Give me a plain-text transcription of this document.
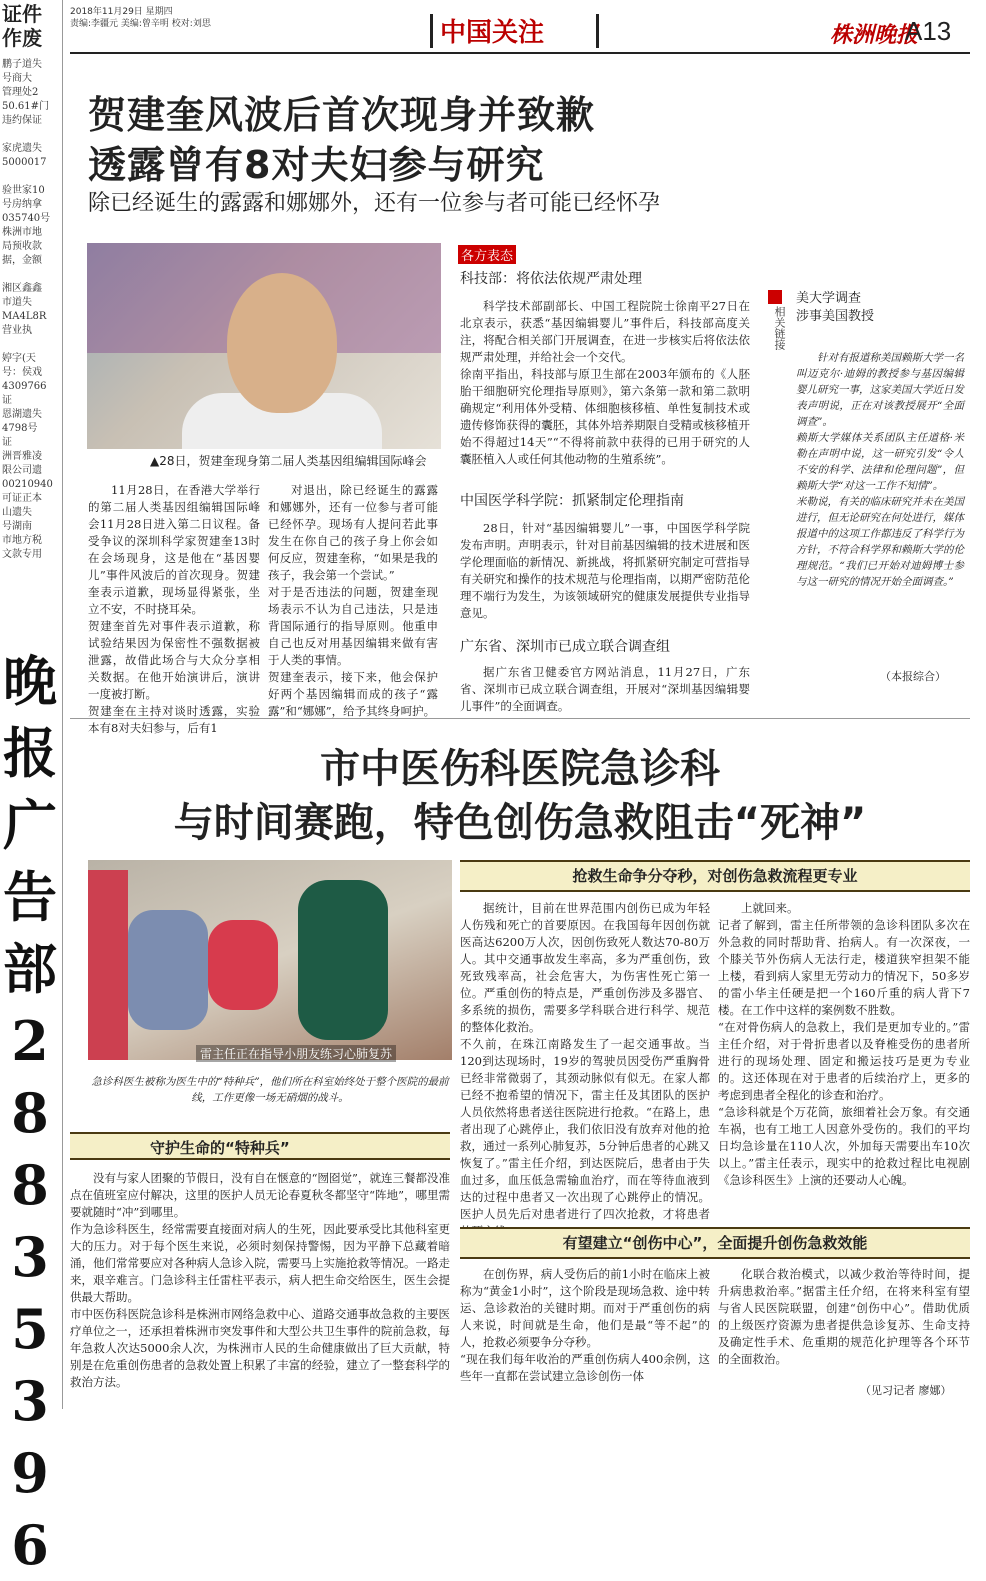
证件
作废
鹏子道失
号商大
管理处2
50.61#门
违约保证

家虎遗失
5000017

验世家10
号房纳拿
035740号
株洲市地
局预收款
据，金额

湘区鑫鑫
市道失
MA4L8R
营业执

婷字(天
号：侯戏
4309766
证
恩湖遗失
4798号
证
洲晋雅凌
限公司遗
00210940
可证正本
山遗失
号湖南
市地方税
文款专用
晚
报
广
告
部
2
8
8
3
5
3
9
6
2018年11月29日 星期四
责编:李疆元 美编:曾辛明 校对:刘思	中国关注	株洲晚报
A13
贺建奎风波后首次现身并致歉
透露曾有8对夫妇参与研究
除已经诞生的露露和娜娜外，还有一位参与者可能已经怀孕
▲28日，贺建奎现身第二届人类基因组编辑国际峰会
11月28日，在香港大学举行的第二届人类基因组编辑国际峰会11月28日进入第二日议程。备受争议的深圳科学家贺建奎13时在会场现身，这是他在“基因婴儿”事件风波后的首次现身。贺建奎表示道歉，现场显得紧张，坐立不安，不时挠耳朵。
贺建奎首先对事件表示道歉，称试验结果因为保密性不强数据被泄露，故借此场合与大众分享相关数据。在他开始演讲后，演讲一度被打断。
贺建奎在主持对谈时透露，实验本有8对夫妇参与，后有1
对退出，除已经诞生的露露和娜娜外，还有一位参与者可能已经怀孕。现场有人提问若此事发生在你自己的孩子身上你会如何反应，贺建奎称，“如果是我的孩子，我会第一个尝试。”
对于是否违法的问题，贺建奎现场表示不认为自己违法，只是违背国际通行的指导原则。他重申自己也反对用基因编辑来做有害于人类的事情。
贺建奎表示，接下来，他会保护好两个基因编辑而成的孩子“露露”和“娜娜”，给予其终身呵护。
各方表态
科技部：将依法依规严肃处理
科学技术部副部长、中国工程院院士徐南平27日在北京表示，获悉“基因编辑婴儿”事件后，科技部高度关注，将配合相关部门开展调查，在进一步核实后将依法依规严肃处理，并给社会一个交代。
徐南平指出，科技部与原卫生部在2003年颁布的《人胚胎干细胞研究伦理指导原则》，第六条第一款和第二款明确规定“利用体外受精、体细胞核移植、单性复制技术或遗传修饰获得的囊胚，其体外培养期限自受精或核移植开始不得超过14天”“不得将前款中获得的已用于研究的人囊胚植入人或任何其他动物的生殖系统”。
中国医学科学院：抓紧制定伦理指南
28日，针对“基因编辑婴儿”一事，中国医学科学院发布声明。声明表示，针对目前基因编辑的技术进展和医学伦理面临的新情况、新挑战，将抓紧研究制定可营指导有关研究和操作的技术规范与伦理指南，以期严密防范伦理不端行为发生，为该领域研究的健康发展提供专业指导意见。
广东省、深圳市已成立联合调查组
据广东省卫健委官方网站消息，11月27日，广东省、深圳市已成立联合调查组，开展对“深圳基因编辑婴儿事件”的全面调查。
相关链接
美大学调查
涉事美国教授
针对有报道称美国赖斯大学一名叫迈克尔·迪姆的教授参与基因编辑婴儿研究一事，这家美国大学近日发表声明说，正在对该教授展开“全面调查”。
赖斯大学媒体关系团队主任道格·米勒在声明中说，这一研究引发“令人不安的科学、法律和伦理问题”，但赖斯大学“对这一工作不知情”。
米勒说，有关的临床研究并未在美国进行，但无论研究在何处进行，媒体报道中的这项工作都违反了科学行为方针，不符合科学界和赖斯大学的伦理规范。“我们已开始对迪姆博士参与这一研究的情况开始全面调查。”
（本报综合）
市中医伤科医院急诊科
与时间赛跑，特色创伤急救阻击“死神”
雷主任正在指导小朋友练习心肺复苏
急诊科医生被称为医生中的“特种兵”，他们所在科室始终处于整个医院的最前线，工作更像一场无硝烟的战斗。
抢救生命争分夺秒，对创伤急救流程更专业
据统计，目前在世界范围内创伤已成为年轻人伤残和死亡的首要原因。在我国每年因创伤就医高达6200万人次，因创伤致死人数达70-80万人。其中交通事故发生率高，多为严重创伤，致死致残率高，社会危害大，为伤害性死亡第一位。严重创伤的特点是，严重创伤涉及多器官、多系统的损伤，需要多学科联合进行科学、规范的整体化救治。
不久前，在珠江南路发生了一起交通事故。当120到达现场时，19岁的驾驶员因受伤严重胸骨已经非常微弱了，其颈动脉似有似无。在家人都已经不抱希望的情况下，雷主任及其团队的医护人员依然将患者送往医院进行抢救。“在路上，患者出现了心跳停止，我们依旧没有放弃对他的抢救，通过一系列心肺复苏，5分钟后患者的心跳又恢复了。”雷主任介绍，到达医院后，患者由于失血过多，血压低急需输血治疗，而在等待血液到达的过程中患者又一次出现了心跳停止的情况。医护人员先后对患者进行了四次抢救，才将患者
上就回来。
记者了解到，雷主任所带领的急诊科团队多次在外急救的同时帮助背、抬病人。有一次深夜，一个膝关节外伤病人无法行走，楼道狭窄担架不能上楼，看到病人家里无劳动力的情况下，50多岁的雷小华主任硬是把一个160斤重的病人背下7楼。在工作中这样的案例数不胜数。
“在对骨伤病人的急救上，我们是更加专业的。”雷主任介绍，对于骨折患者以及脊椎受伤的患者所进行的现场处理、固定和搬运技巧是更为专业的。这还体现在对于患者的后续治疗上，更多的考虑到患者全程化的诊查和治疗。
“急诊科就是个万花筒，旅细着社会万象。有交通车祸，也有工地工人因意外受伤的。我们的平均日均急诊量在110人次，外加每天需要出车10次以上。”雷主任表示，现实中的抢救过程比电视剧《急诊科医生》上演的还要动人心魄。
守护生命的“特种兵”
没有与家人团聚的节假日，没有自在惬意的“囫囵觉”，就连三餐都没准点在值班室应付解决，这里的医护人员无论春夏秋冬都坚守“阵地”，哪里需要就随时“冲”到哪里。
作为急诊科医生，经常需要直接面对病人的生死，因此要承受比其他科室更大的压力。对于每个医生来说，必须时刻保持警惕，因为平静下总藏着暗涌，他们常常要应对各种病人急诊入院，需要马上实施抢救等情况。一路走来，艰辛难言。门急诊科主任雷柱平表示，病人把生命交给医生，医生会提供最大帮助。
市中医伤科医院急诊科是株洲市网络急救中心、道路交通事故急救的主要医疗单位之一，还承担着株洲市突发事件和大型公共卫生事件的院前急救，每年急救人次达5000余人次，为株洲市人民的生命健康做出了巨大贡献，特别是在危重创伤患者的急救处置上积累了丰富的经验，建立了一整套科学的救治方法。
有望建立“创伤中心”，全面提升创伤急救效能
在创伤界，病人受伤后的前1小时在临床上被称为“黄金1小时”，这个阶段是现场急救、途中转运、急诊救治的关键时期。而对于严重创伤的病人来说，时间就是生命，他们是最“等不起”的人，抢救必须要争分夺秒。
“现在我们每年收治的严重创伤病人400余例，这些年一直都在尝试建立急诊创伤一体
化联合救治模式，以减少救治等待时间，提升病患救治率。”据雷主任介绍，在将来科室有望与省人民医院联盟，创建“创伤中心”。借助优质的上级医疗资源为患者提供急诊复苏、生命支持及确定性手术、危重期的规范化护理等各个环节的全面救治。
（见习记者 廖娜）
